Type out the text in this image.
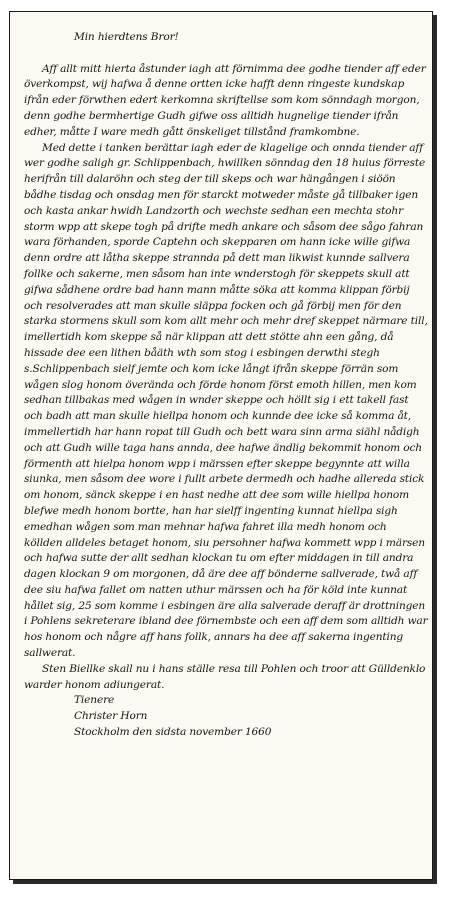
Min hierdtens Bror!

Aff allt mitt hierta åstunder iagh att förnimma dee godhe tiender aff eder överkompst, wij hafwa å denne ortten icke hafft denn ringeste kundskap ifrån eder förwthen edert kerkomna skriftellse som kom sönndagh morgon, denn godhe bermhertige Gudh gifwe oss alltidh hugnelige tiender ifrån edher, måtte I ware medh gått önskeliget tillstånd framkombne.

Med dette i tanken berättar iagh eder de klagelige och onnda tiender aff wer godhe saligh gr. Schlippenbach, hwillken sönndag den 18 huius förreste herifrån till dalaröhn och steg der till skeps och war hängången i siöön bådhe tisdag och onsdag men för starckt motweder måste gå tillbaker igen och kasta ankar hwidh Landzorth och wechste sedhan een mechta stohr storm wpp att skepe togh på drifte medh ankare och såsom dee sågo fahran wara förhanden, sporde Captehn och skepparen om hann icke wille gifwa denn ordre att låtha skeppe strannda på dett man likwist kunnde sallvera follke och sakerne, men såsom han inte wnderstogh för skeppets skull att gifwa sådhene ordre bad hann mann måtte söka att komma klippan förbij och resolverades att man skulle släppa focken och gå förbij men för den starka stormens skull som kom allt mehr och mehr dref skeppet närmare till, imellertidh kom skeppe så när klippan att dett stötte ahn een gång, då hissade dee een lithen båäth wth som stog i esbingen derwthi stegh s.Schlippenbach sielf jemte och kom icke långt ifrån skeppe förrän som wågen slog honom överända och förde honom först emoth hillen, men kom sedhan tillbakas med wågen in wnder skeppe och höllt sig i ett takell fast och badh att man skulle hiellpa honom och kunnde dee icke så komma åt, immellertidh har hann ropat till Gudh och bett wara sinn arma siähl nådigh och att Gudh wille taga hans annda, dee hafwe ändlig bekommit honom och förmenth att hielpa honom wpp i märssen efter skeppe begynnte att willa siunka, men såsom dee wore i fullt arbete dermedh och hadhe allereda stick om honom, sänck skeppe i en hast nedhe att dee som wille hiellpa honom blefwe medh honom bortte, han har sielff ingenting kunnat hiellpa sigh emedhan wågen som man mehnar hafwa fahret illa medh honom och köllden alldeles betaget honom, siu persohner hafwa kommett wpp i märsen och hafwa sutte der allt sedhan klockan tu om efter middagen in till andra dagen klockan 9 om morgonen, då äre dee aff bönderne sallverade, twå aff dee siu hafwa fallet om natten uthur märssen och ha för köld inte kunnat hållet sig, 25 som komme i esbingen äre alla salverade deraff är drottningen i Pohlens sekreterare ibland dee förnembste och een aff dem som alltidh war hos honom och någre aff hans follk, annars ha dee aff sakerna ingenting sallwerat.

Sten Biellke skall nu i hans ställe resa till Pohlen och troor att Gülldenklo warder honom adiungerat.

Tienere

Christer Horn

Stockholm den sidsta november 1660
